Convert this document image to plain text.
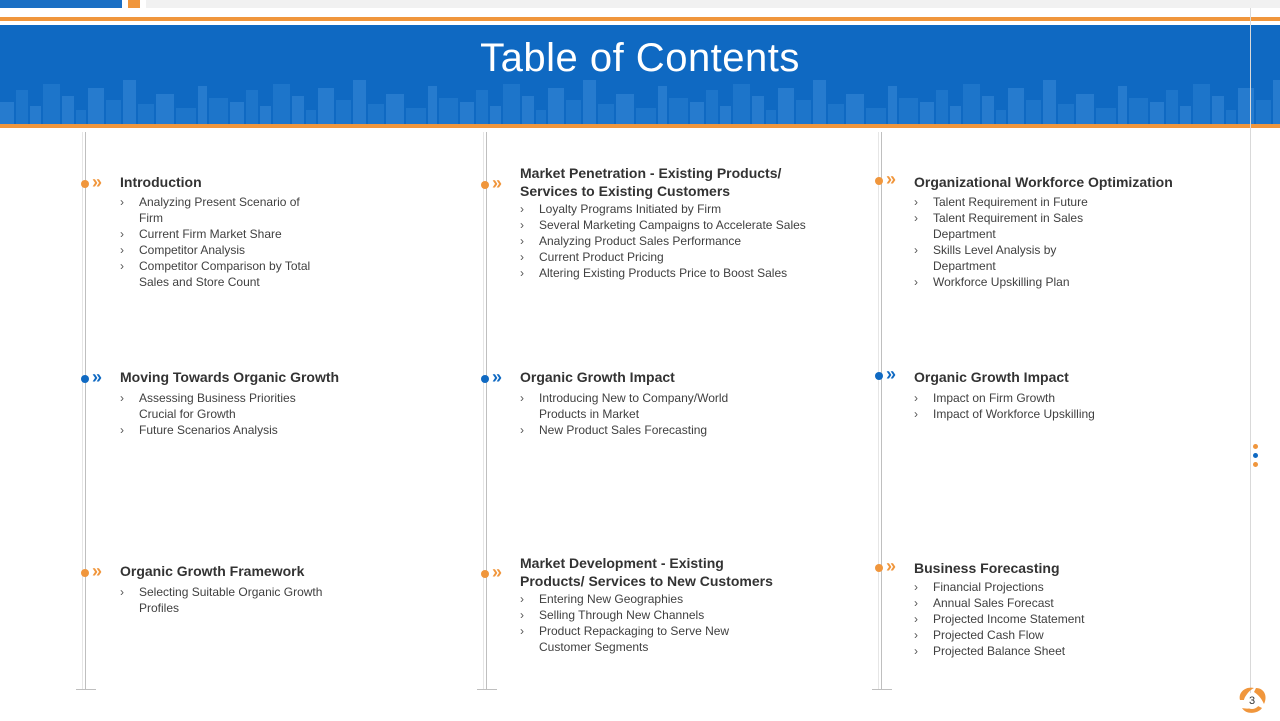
Table of Contents
» Introduction
› Analyzing Present Scenario of Firm
› Current Firm Market Share
› Competitor Analysis
› Competitor Comparison by Total Sales and Store Count
» Market Penetration - Existing Products/ Services to Existing Customers
› Loyalty Programs Initiated by Firm
› Several Marketing Campaigns to Accelerate Sales
› Analyzing Product Sales Performance
› Current Product Pricing
› Altering Existing Products Price to Boost Sales
» Organizational Workforce Optimization
› Talent Requirement in Future
› Talent Requirement in Sales Department
› Skills Level Analysis by Department
› Workforce Upskilling Plan
» Moving Towards Organic Growth
› Assessing Business Priorities Crucial for Growth
› Future Scenarios Analysis
» Organic Growth Impact
› Introducing New to Company/World Products in Market
› New Product Sales Forecasting
» Organic Growth Impact
› Impact on Firm Growth
› Impact of Workforce Upskilling
» Organic Growth Framework
› Selecting Suitable Organic Growth Profiles
» Market Development - Existing Products/ Services to New Customers
› Entering New Geographies
› Selling Through New Channels
› Product Repackaging to Serve New Customer Segments
» Business Forecasting
› Financial Projections
› Annual Sales Forecast
› Projected Income Statement
› Projected Cash Flow
› Projected Balance Sheet
3
